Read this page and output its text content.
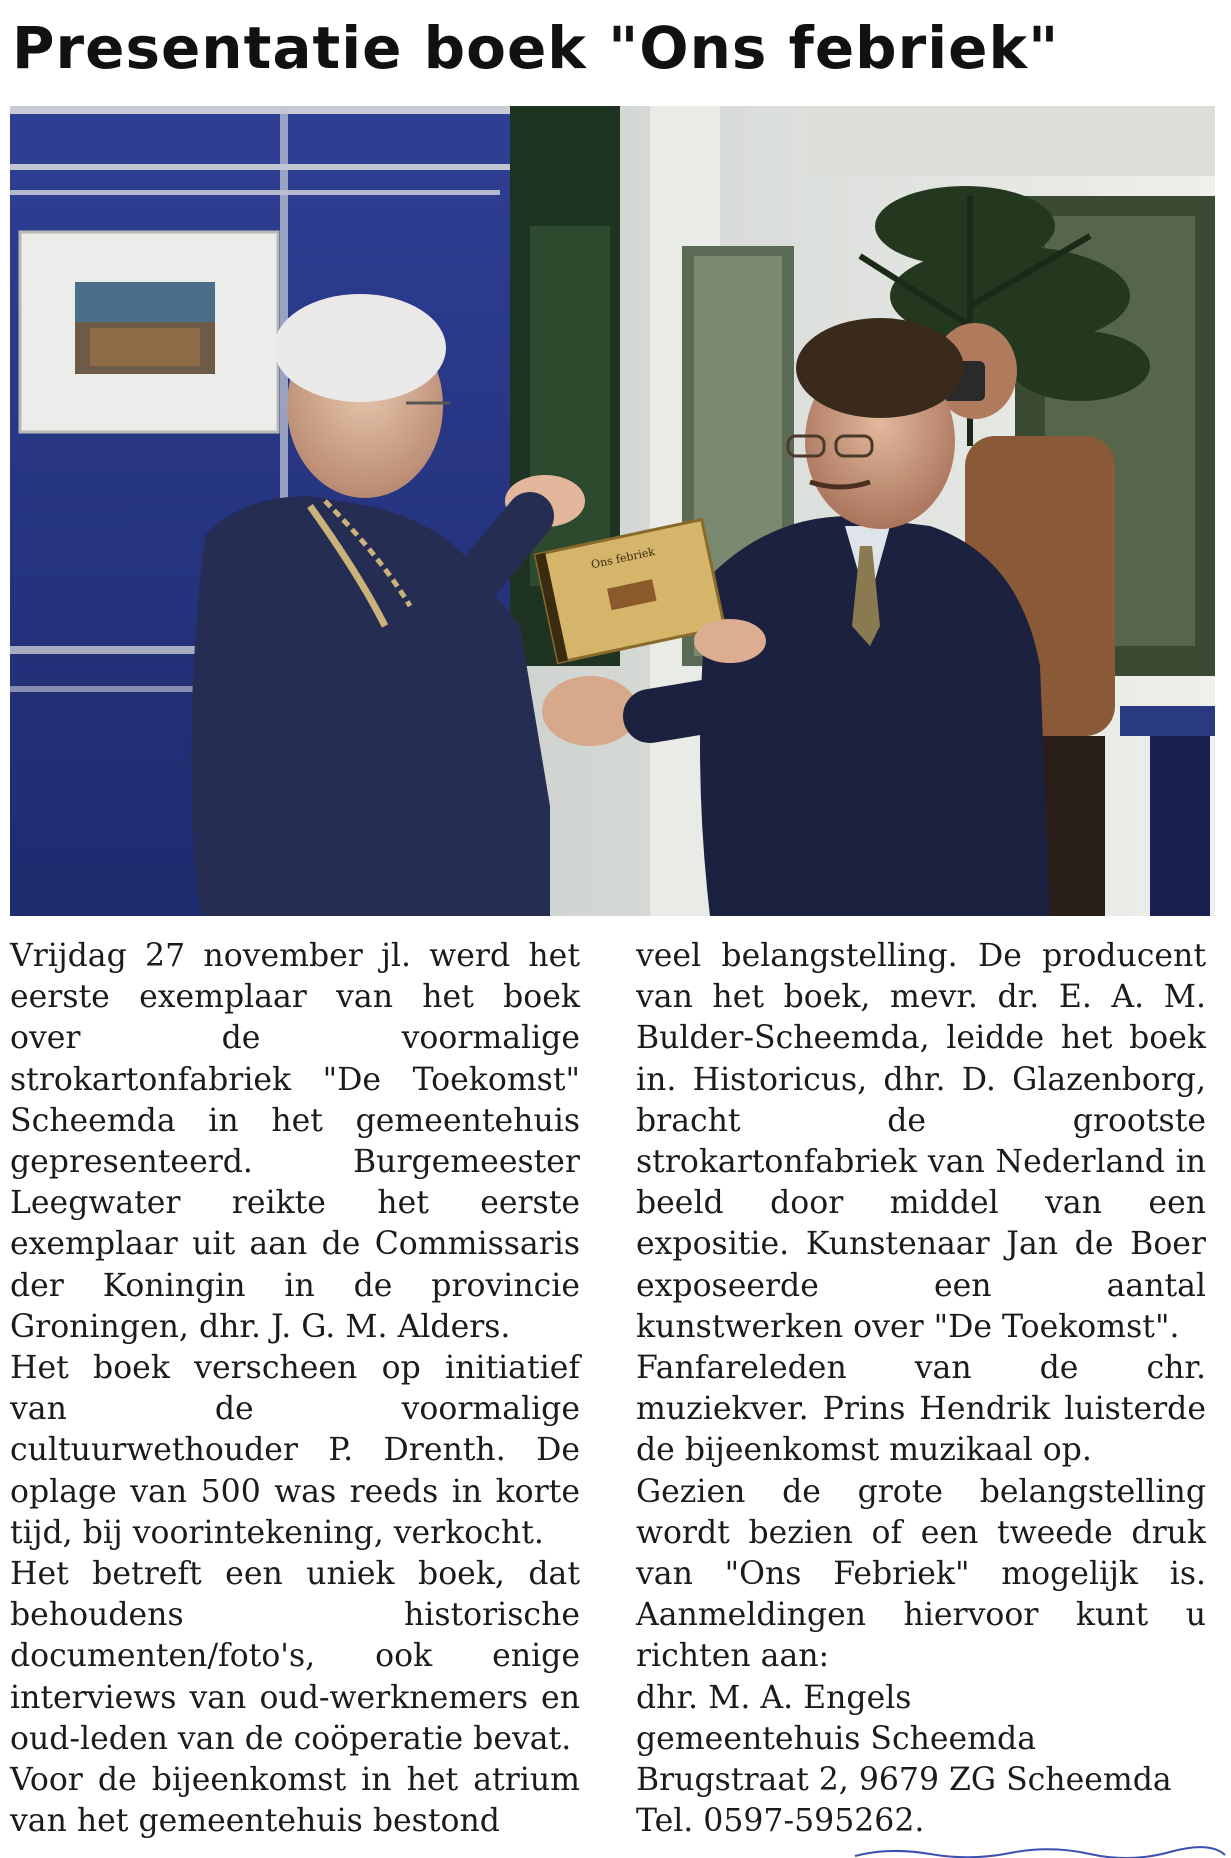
Presentatie boek "Ons febriek"
Ons febriek

Vrijdag 27 november jl. werd het eerste exemplaar van het boek over de voormalige strokartonfabriek "De Toekomst" Scheemda in het gemeentehuis gepresenteerd. Burgemeester Leegwater reikte het eerste exemplaar uit aan de Commissaris der Koningin in de provincie Groningen, dhr. J. G. M. Alders.

Het boek verscheen op initiatief van de voormalige cultuurwethouder P. Drenth. De oplage van 500 was reeds in korte tijd, bij voorintekening, verkocht.

Het betreft een uniek boek, dat behoudens historische documenten/foto's, ook enige interviews van oud-werknemers en oud-leden van de coöperatie bevat.

Voor de bijeenkomst in het atrium van het gemeentehuis bestond

veel belangstelling. De producent van het boek, mevr. dr. E. A. M. Bulder-Scheemda, leidde het boek in. Historicus, dhr. D. Glazenborg, bracht de grootste strokartonfabriek van Nederland in beeld door middel van een expositie. Kunstenaar Jan de Boer exposeerde een aantal kunstwerken over "De Toekomst".

Fanfareleden van de chr. muziekver. Prins Hendrik luisterde de bijeenkomst muzikaal op.

Gezien de grote belangstelling wordt bezien of een tweede druk van "Ons Febriek" mogelijk is. Aanmeldingen hiervoor kunt u richten aan:

dhr. M. A. Engels

gemeentehuis Scheemda

Brugstraat 2, 9679 ZG Scheemda

Tel. 0597-595262.
